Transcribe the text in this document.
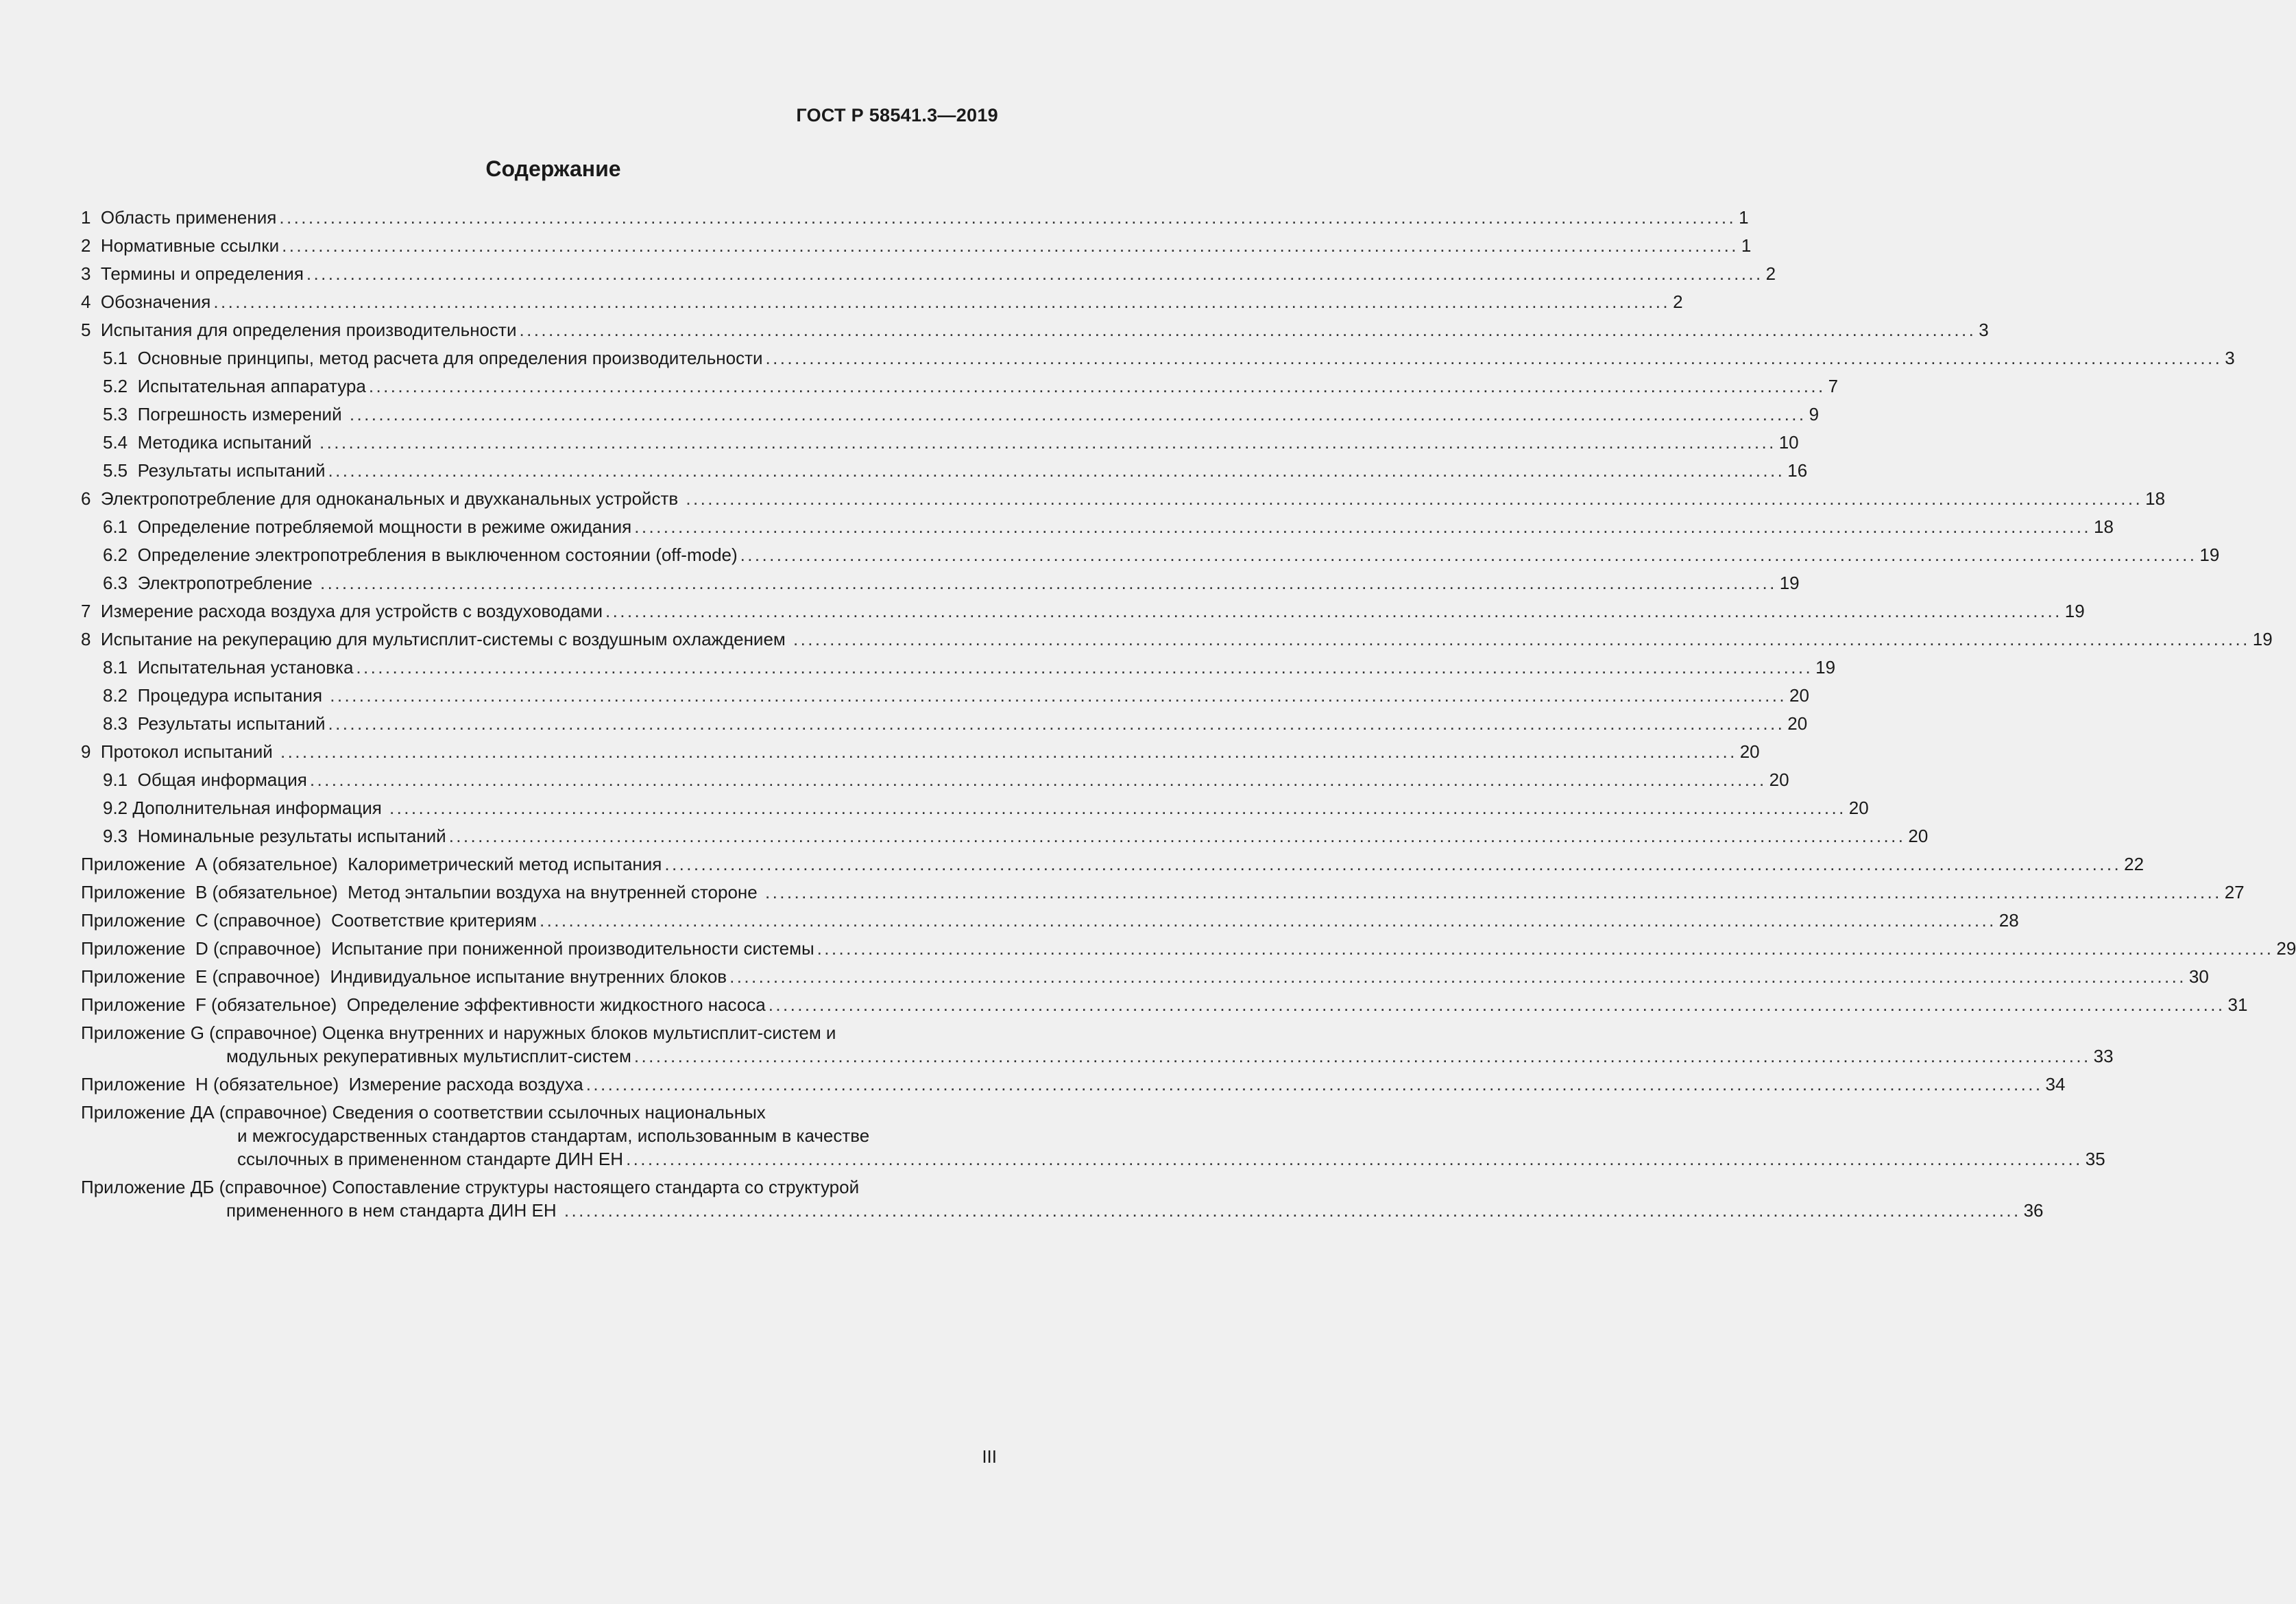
ГОСТ Р 58541.3—2019
Содержание
1  Область применения ........................................................................................................................................................................................................ 1
2  Нормативные ссылки ........................................................................................................................................................................................................ 1
3  Термины и определения ........................................................................................................................................................................................................ 2
4  Обозначения ........................................................................................................................................................................................................ 2
5  Испытания для определения производительности ........................................................................................................................................................................................................ 3
5.1  Основные принципы, метод расчета для определения производительности ........................................................................................................................................................................................................ 3
5.2  Испытательная аппаратура ........................................................................................................................................................................................................ 7
5.3  Погрешность измерений ........................................................................................................................................................................................................ 9
5.4  Методика испытаний ........................................................................................................................................................................................................ 10
5.5  Результаты испытаний ........................................................................................................................................................................................................ 16
6  Электропотребление для одноканальных и двухканальных устройств ........................................................................................................................................................................................................ 18
6.1  Определение потребляемой мощности в режиме ожидания ........................................................................................................................................................................................................ 18
6.2  Определение электропотребления в выключенном состоянии (off-mode) ........................................................................................................................................................................................................ 19
6.3  Электропотребление ........................................................................................................................................................................................................ 19
7  Измерение расхода воздуха для устройств с воздуховодами ........................................................................................................................................................................................................ 19
8  Испытание на рекуперацию для мультисплит-системы с воздушным охлаждением ........................................................................................................................................................................................................ 19
8.1  Испытательная установка ........................................................................................................................................................................................................ 19
8.2  Процедура испытания ........................................................................................................................................................................................................ 20
8.3  Результаты испытаний ........................................................................................................................................................................................................ 20
9  Протокол испытаний ........................................................................................................................................................................................................ 20
9.1  Общая информация ........................................................................................................................................................................................................ 20
9.2 Дополнительная информация ........................................................................................................................................................................................................ 20
9.3  Номинальные результаты испытаний ........................................................................................................................................................................................................ 20
Приложение  А (обязательное)  Калориметрический метод испытания ........................................................................................................................................................................................................ 22
Приложение  В (обязательное)  Метод энтальпии воздуха на внутренней стороне ........................................................................................................................................................................................................ 27
Приложение  С (справочное)  Соответствие критериям ........................................................................................................................................................................................................ 28
Приложение  D (справочное)  Испытание при пониженной производительности системы ........................................................................................................................................................................................................ 29
Приложение  Е (справочное)  Индивидуальное испытание внутренних блоков ........................................................................................................................................................................................................ 30
Приложение  F (обязательное)  Определение эффективности жидкостного насоса ........................................................................................................................................................................................................ 31
Приложение G (справочное) Оценка внутренних и наружных блоков мультисплит-систем и
модульных рекуперативных мультисплит-систем ........................................................................................................................................................................................................ 33
Приложение  Н (обязательное)  Измерение расхода воздуха ........................................................................................................................................................................................................ 34
Приложение ДА (справочное) Сведения о соответствии ссылочных национальных
и межгосударственных стандартов стандартам, использованным в качестве
ссылочных в примененном стандарте ДИН ЕН ........................................................................................................................................................................................................ 35
Приложение ДБ (справочное) Сопоставление структуры настоящего стандарта со структурой
примененного в нем стандарта ДИН ЕН ........................................................................................................................................................................................................ 36
III
